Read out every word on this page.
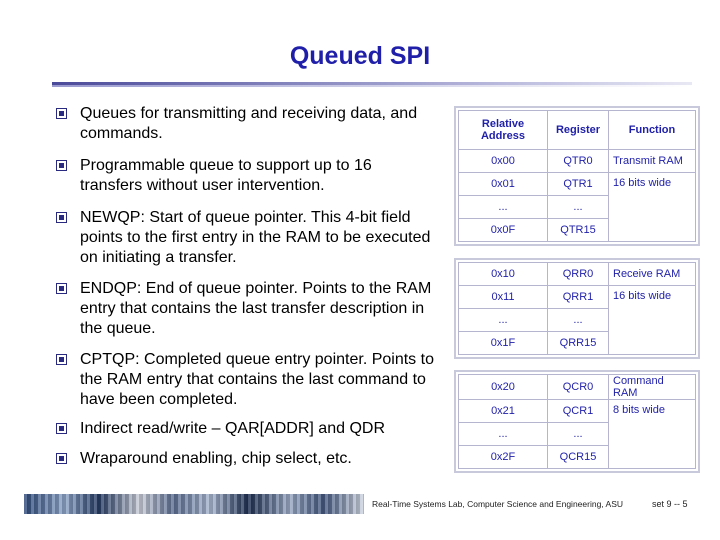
Queued SPI
Queues for transmitting and receiving data, and commands.
Programmable queue to support up to 16 transfers without user intervention.
NEWQP: Start of queue pointer. This 4-bit field points to the first entry in the RAM to be executed on initiating a transfer.
ENDQP: End of queue pointer. Points to the RAM entry that contains the last transfer description in the queue.
CPTQP: Completed queue entry pointer. Points to the RAM entry that contains the last command to have been completed.
Indirect read/write – QAR[ADDR] and QDR
Wraparound enabling, chip select, etc.
Relative Address	Register	Function
0x00	QTR0	Transmit RAM
0x01	QTR1	16 bits wide
...	...	
0x0F	QTR15	
0x10	QRR0	Receive RAM
0x11	QRR1	16 bits wide
...	...	
0x1F	QRR15	
0x20	QCR0	Command RAM
0x21	QCR1	8 bits wide
...	...	
0x2F	QCR15	
Real-Time Systems Lab, Computer Science and Engineering, ASU	set 9 -- 5
